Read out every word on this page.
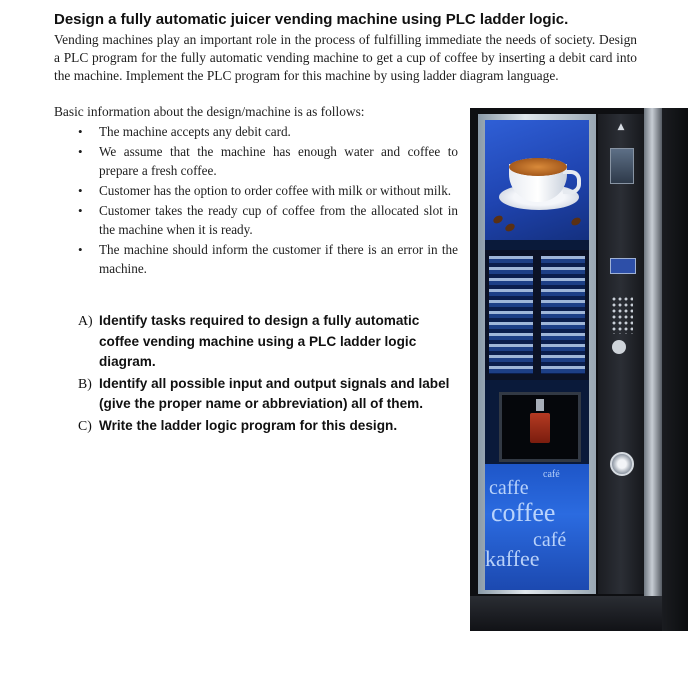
Design a fully automatic juicer vending machine using PLC ladder logic.
Vending machines play an important role in the process of fulfilling immediate the needs of society. Design a PLC program for the fully automatic vending machine to get a cup of coffee by inserting a debit card into the machine. Implement the PLC program for this machine by using ladder diagram language.
Basic information about the design/machine is as follows:
• The machine accepts any debit card.
• We assume that the machine has enough water and coffee to prepare a fresh coffee.
• Customer has the option to order coffee with milk or without milk.
• Customer takes the ready cup of coffee from the allocated slot in the machine when it is ready.
• The machine should inform the customer if there is an error in the machine.
A) Identify tasks required to design a fully automatic coffee vending machine using a PLC ladder logic diagram.
B) Identify all possible input and output signals and label (give the proper name or abbreviation) all of them.
C) Write the ladder logic program for this design.
café
caffe
coffee
café
kaffee
▲
